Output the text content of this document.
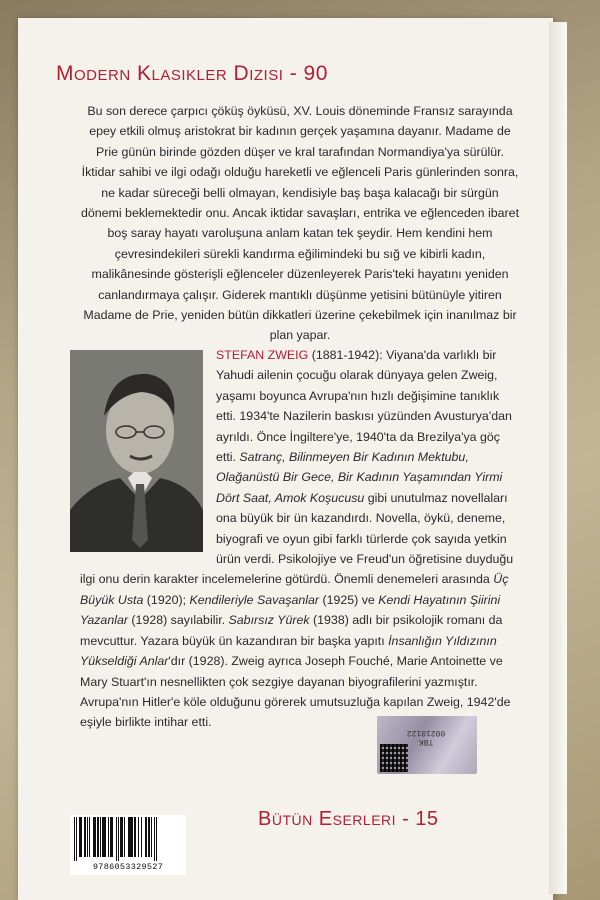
Modern Klasikler Dizisi - 90

Bu son derece çarpıcı çöküş öyküsü, XV. Louis döneminde Fransız sarayında epey etkili olmuş aristokrat bir kadının gerçek yaşamına dayanır. Madame de Prie günün birinde gözden düşer ve kral tarafından Normandiya'ya sürülür. İktidar sahibi ve ilgi odağı olduğu hareketli ve eğlenceli Paris günlerinden sonra, ne kadar süreceği belli olmayan, kendisiyle baş başa kalacağı bir sürgün dönemi beklemektedir onu. Ancak iktidar savaşları, entrika ve eğlenceden ibaret boş saray hayatı varoluşuna anlam katan tek şeydir. Hem kendini hem çevresindekileri sürekli kandırma eğilimindeki bu sığ ve kibirli kadın, malikânesinde gösterişli eğlenceler düzenleyerek Paris'teki hayatını yeniden canlandırmaya çalışır. Giderek mantıklı düşünme yetisini bütünüyle yitiren Madame de Prie, yeniden bütün dikkatleri üzerine çekebilmek için inanılmaz bir plan yapar.

STEFAN ZWEIG (1881-1942): Viyana'da varlıklı bir Yahudi ailenin çocuğu olarak dünyaya gelen Zweig, yaşamı boyunca Avrupa'nın hızlı değişimine tanıklık etti. 1934'te Nazilerin baskısı yüzünden Avusturya'dan ayrıldı. Önce İngiltere'ye, 1940'ta da Brezilya'ya göç etti. Satranç, Bilinmeyen Bir Kadının Mektubu, Olağanüstü Bir Gece, Bir Kadının Yaşamından Yirmi Dört Saat, Amok Koşucusu gibi unutulmaz novellaları ona büyük bir ün kazandırdı. Novella, öykü, deneme, biyografi ve oyun gibi farklı türlerde çok sayıda yetkin ürün verdi. Psikolojiye ve Freud'un öğretisine duyduğu ilgi onu derin karakter incelemelerine götürdü. Önemli denemeleri arasında Üç Büyük Usta (1920); Kendileriyle Savaşanlar (1925) ve Kendi Hayatının Şiirini Yazanlar (1928) sayılabilir. Sabırsız Yürek (1938) adlı bir psikolojik romanı da mevcuttur. Yazara büyük ün kazandıran bir başka yapıtı İnsanlığın Yıldızının Yükseldiği Anlar'dır (1928). Zweig ayrıca Joseph Fouché, Marie Antoinette ve Mary Stuart'ın nesnellikten çok sezgiye dayanan biyografilerini yazmıştır. Avrupa'nın Hitler'e köle olduğunu görerek umutsuzluğa kapılan Zweig, 1942'de eşiyle birlikte intihar etti.

TBK
00210122
9786053329527
Bütün Eserleri - 15
